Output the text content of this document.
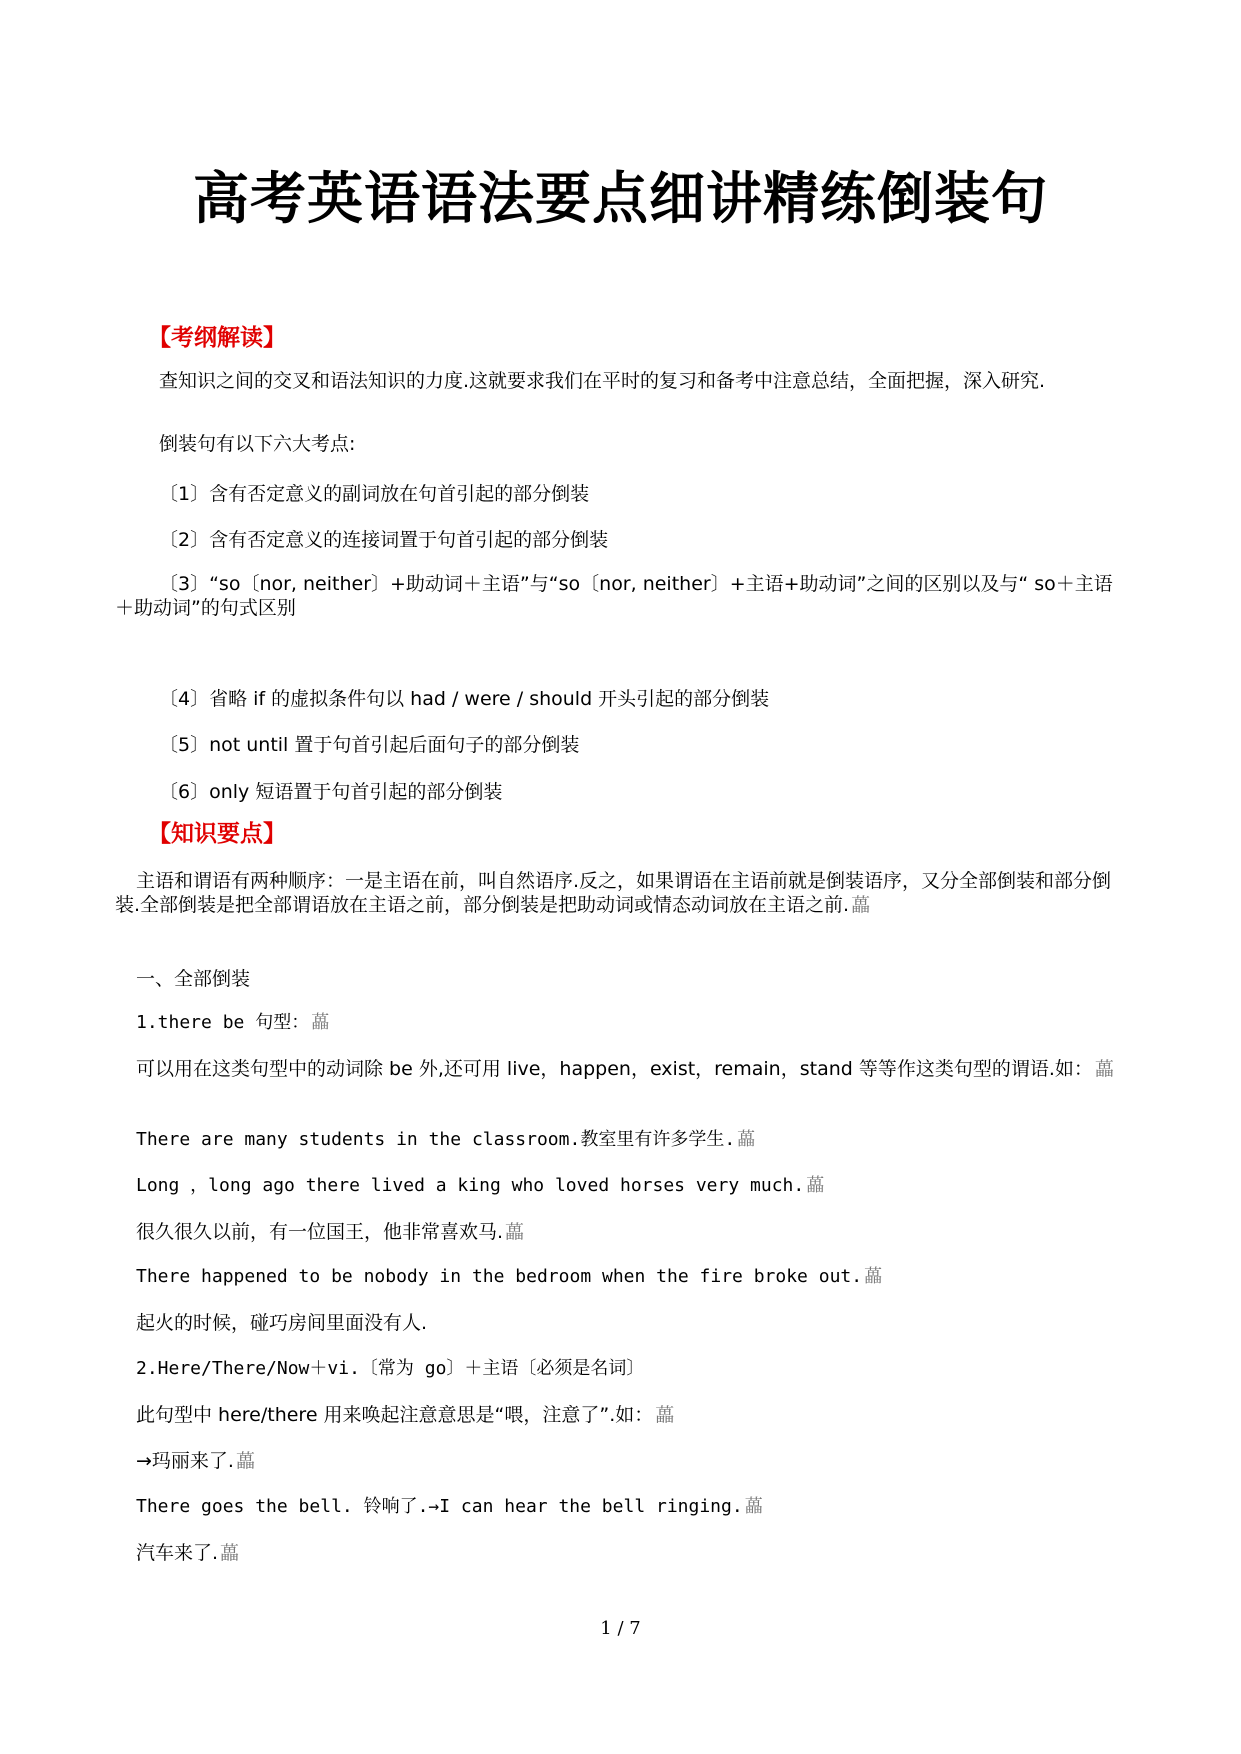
高考英语语法要点细讲精练倒装句
【考纲解读】
查知识之间的交叉和语法知识的力度.这就要求我们在平时的复习和备考中注意总结，全面把握，深入研究.
倒装句有以下六大考点:
〔2〕含有否定意义的连接词置于句首引起的部分倒装
〔1〕含有否定意义的副词放在句首引起的部分倒装
〔3〕“so〔nor, neither〕+助动词＋主语”与“so〔nor, neither〕+主语+助动词”之间的区别以及与“ so＋主语＋助动词”的句式区别
〔4〕省略 if 的虚拟条件句以 had / were / should 开头引起的部分倒装
〔5〕not until 置于句首引起后面句子的部分倒装
〔6〕only 短语置于句首引起的部分倒装
【知识要点】
主语和谓语有两种顺序：一是主语在前，叫自然语序.反之，如果谓语在主语前就是倒装语序，又分全部倒装和部分倒装.全部倒装是把全部谓语放在主语之前，部分倒装是把助动词或情态动词放在主语之前. 藟
一、全部倒装
1.there be 句型： 藟
可以用在这类句型中的动词除 be 外,还可用 live，happen，exist，remain，stand 等等作这类句型的谓语.如： 藟
There are many students in the classroom.教室里有许多学生. 藟
Long ，long ago there lived a king who loved horses very much. 藟
很久很久以前，有一位国王，他非常喜欢马. 藟
There happened to be nobody in the bedroom when the fire broke out. 藟
起火的时候，碰巧房间里面没有人.
2.Here/There/Now＋vi.〔常为 go〕＋主语〔必须是名词〕
此句型中 here/there 用来唤起注意意思是“喂，注意了”.如： 藟
→玛丽来了. 藟
There goes the bell. 铃响了.→I can hear the bell ringing. 藟
汽车来了. 藟
1 / 7
